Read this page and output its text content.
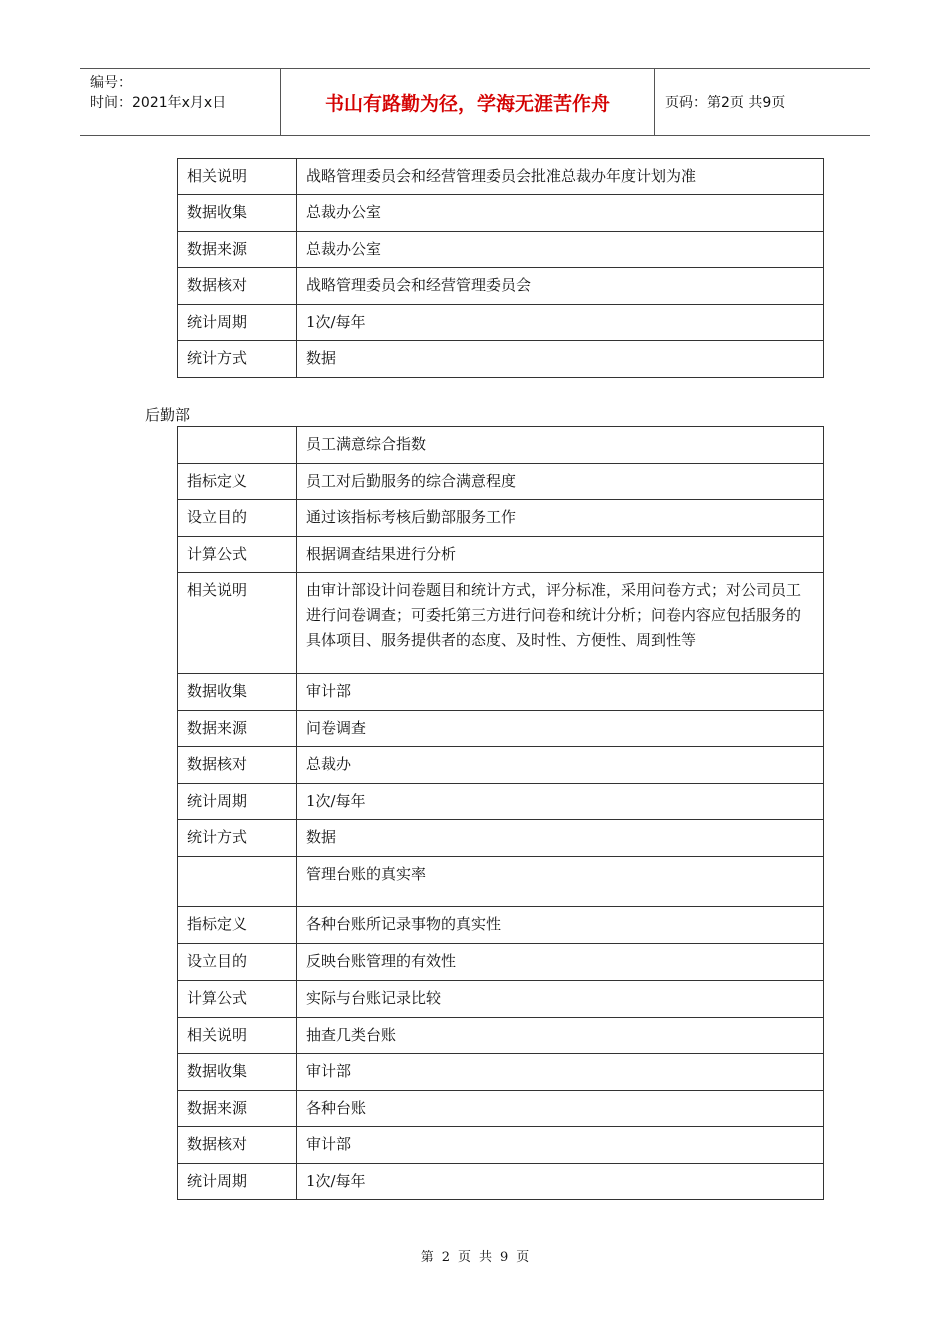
编号：
时间：2021年x月x日	书山有路勤为径，学海无涯苦作舟	页码：第2页 共9页
相关说明	战略管理委员会和经营管理委员会批准总裁办年度计划为准
数据收集	总裁办公室
数据来源	总裁办公室
数据核对	战略管理委员会和经营管理委员会
统计周期	1次/每年
统计方式	数据
后勤部
	员工满意综合指数
指标定义	员工对后勤服务的综合满意程度
设立目的	通过该指标考核后勤部服务工作
计算公式	根据调查结果进行分析
相关说明	由审计部设计问卷题目和统计方式，评分标准，采用问卷方式；对公司员工进行问卷调查；可委托第三方进行问卷和统计分析；问卷内容应包括服务的具体项目、服务提供者的态度、及时性、方便性、周到性等
数据收集	审计部
数据来源	问卷调查
数据核对	总裁办
统计周期	1次/每年
统计方式	数据
	管理台账的真实率
指标定义	各种台账所记录事物的真实性
设立目的	反映台账管理的有效性
计算公式	实际与台账记录比较
相关说明	抽查几类台账
数据收集	审计部
数据来源	各种台账
数据核对	审计部
统计周期	1次/每年
第 2 页 共 9 页
